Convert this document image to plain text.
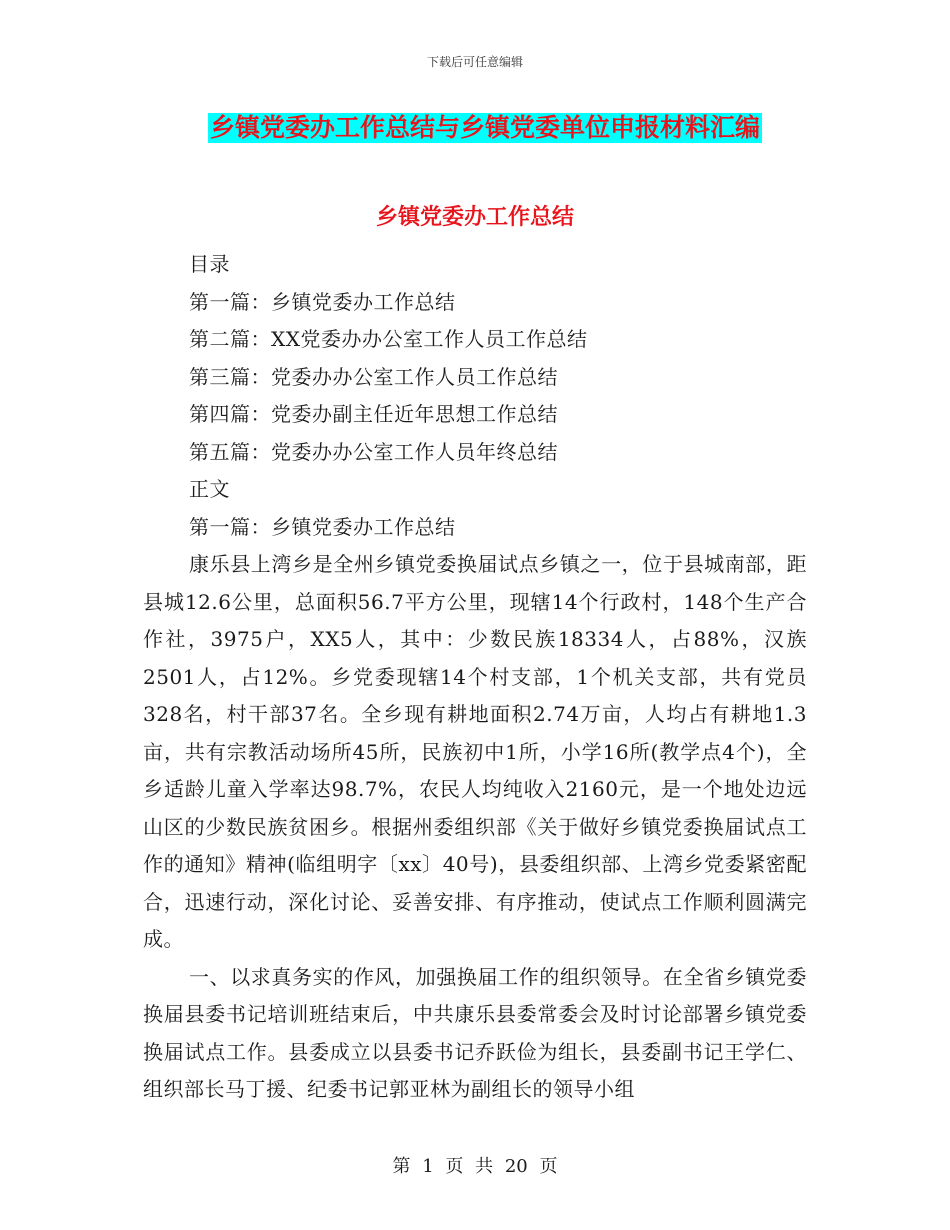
下载后可任意编辑
乡镇党委办工作总结与乡镇党委单位申报材料汇编
乡镇党委办工作总结

目录

第一篇：乡镇党委办工作总结

第二篇：XX党委办办公室工作人员工作总结

第三篇：党委办办公室工作人员工作总结

第四篇：党委办副主任近年思想工作总结

第五篇：党委办办公室工作人员年终总结

正文

第一篇：乡镇党委办工作总结

康乐县上湾乡是全州乡镇党委换届试点乡镇之一，位于县城南部，距县城12.6公里，总面积56.7平方公里，现辖14个行政村，148个生产合作社，3975户，XX5人，其中：少数民族18334人，占88%，汉族2501人，占12%。乡党委现辖14个村支部，1个机关支部，共有党员328名，村干部37名。全乡现有耕地面积2.74万亩，人均占有耕地1.3亩，共有宗教活动场所45所，民族初中1所，小学16所(教学点4个)，全乡适龄儿童入学率达98.7%，农民人均纯收入2160元，是一个地处边远山区的少数民族贫困乡。根据州委组织部《关于做好乡镇党委换届试点工作的通知》精神(临组明字〔xx〕40号)，县委组织部、上湾乡党委紧密配合，迅速行动，深化讨论、妥善安排、有序推动，使试点工作顺利圆满完成。

一、以求真务实的作风，加强换届工作的组织领导。在全省乡镇党委换届县委书记培训班结束后，中共康乐县委常委会及时讨论部署乡镇党委换届试点工作。县委成立以县委书记乔跃俭为组长，县委副书记王学仁、组织部长马丁援、纪委书记郭亚林为副组长的领导小组

第 1 页 共 20 页
